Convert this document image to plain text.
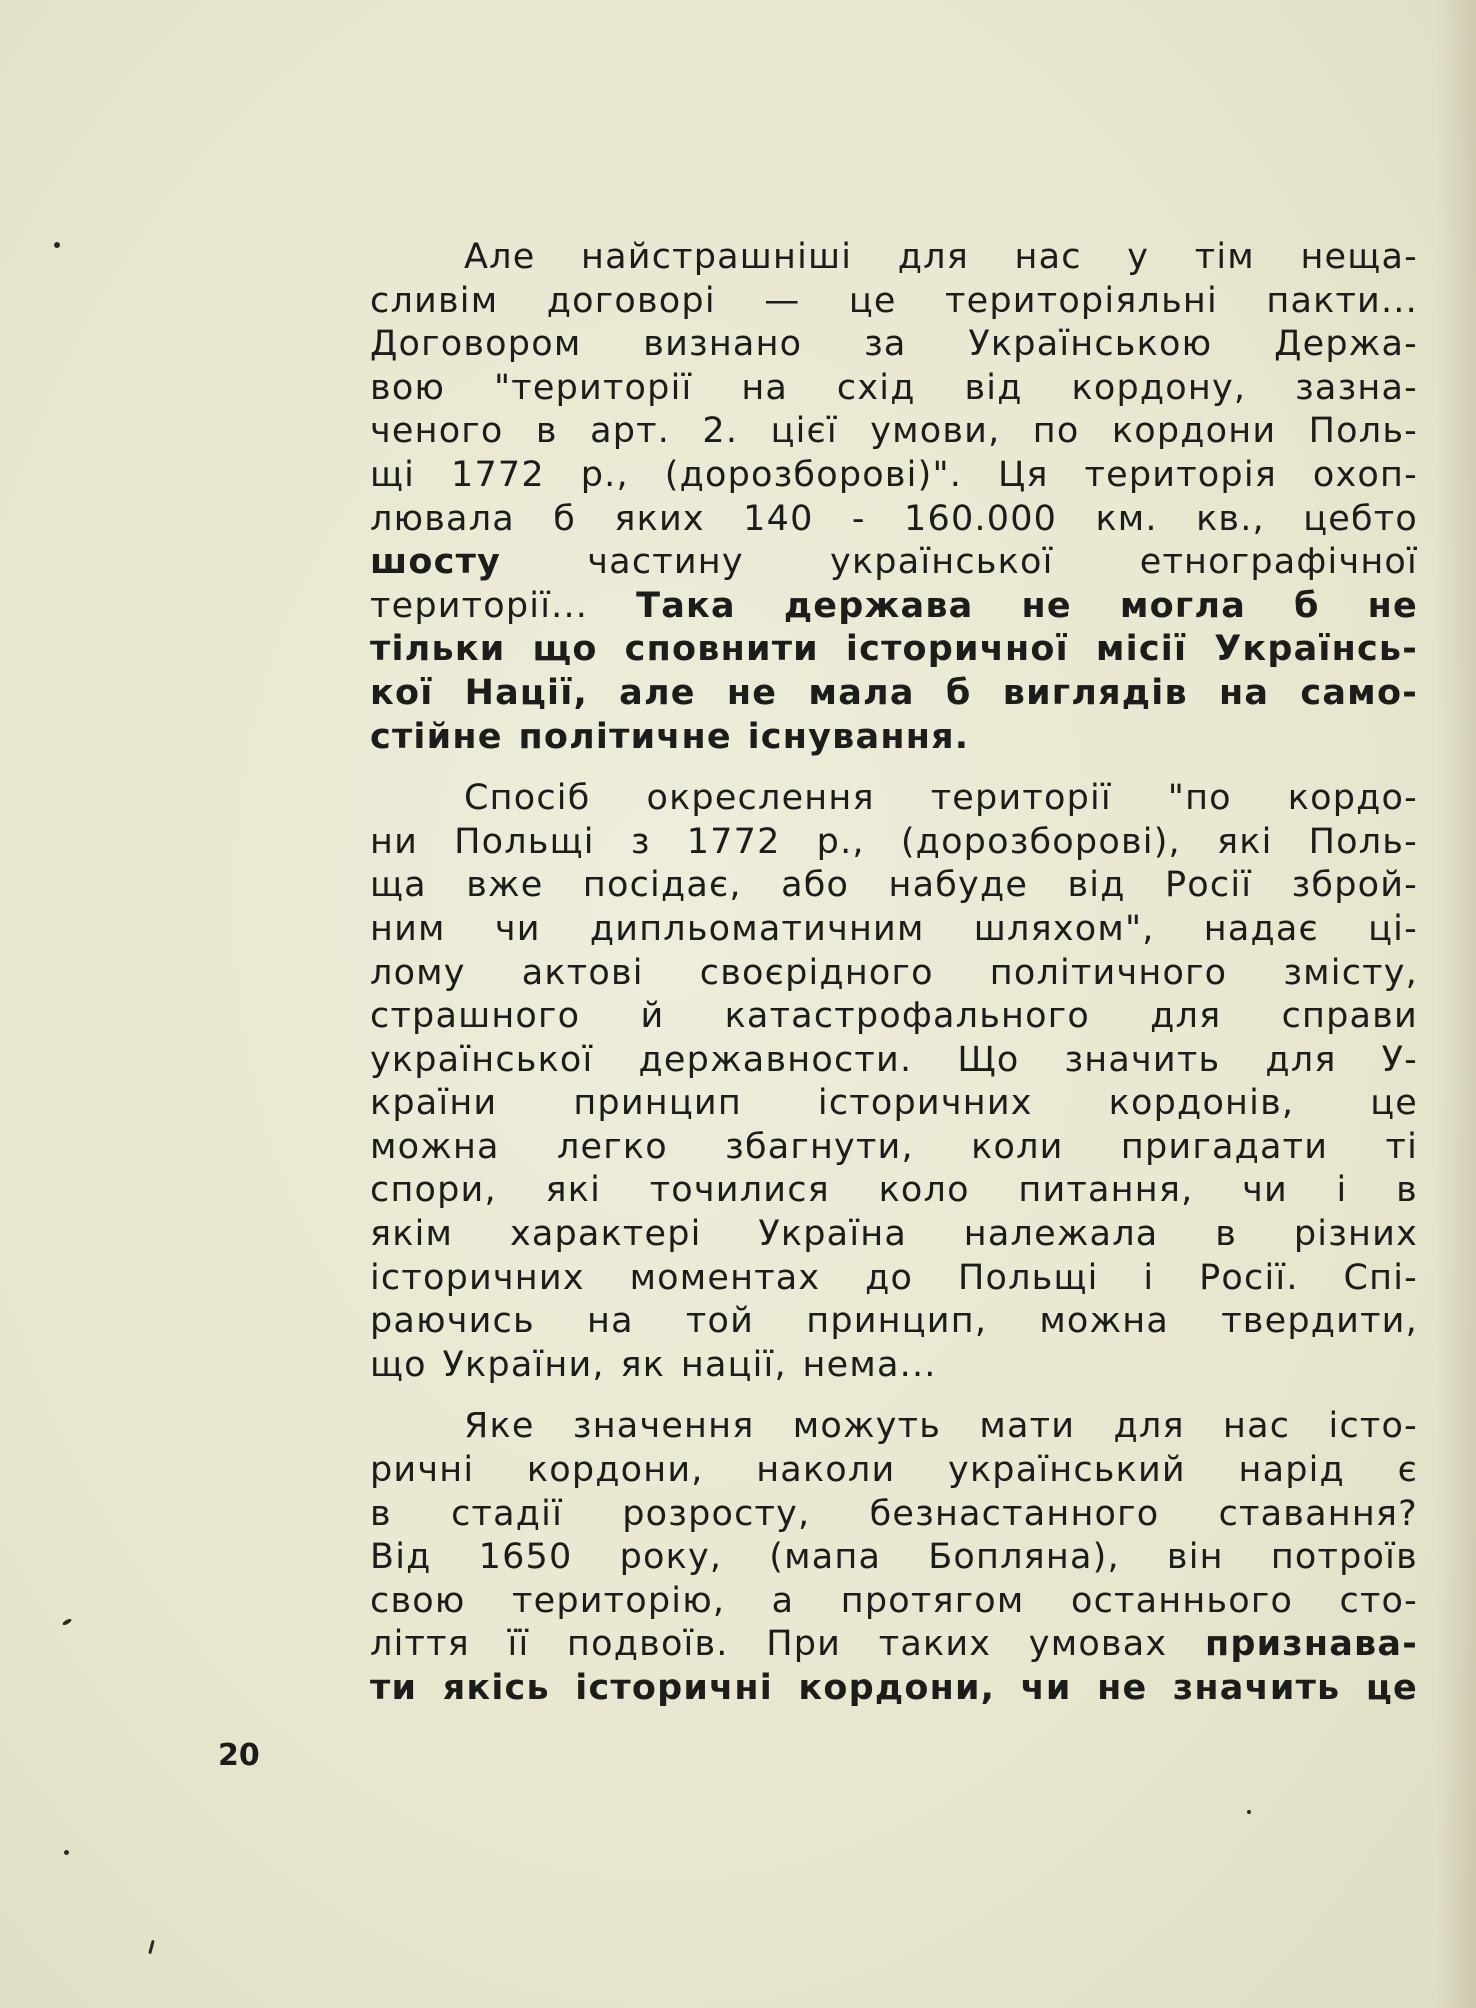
Але найстрашніші для нас у тім неща-
сливім договорі — це територіяльні пакти...
Договором визнано за Українською Держа-
вою "території на схід від кордону, зазна-
ченого в арт. 2. цієї умови, по кордони Поль-
щі 1772 р., (дорозборові)". Ця територія охоп-
лювала б яких 140 - 160.000 км. кв., цебто
шосту частину української етнографічної
території... Така держава не могла б не
тільки що сповнити історичної місії Українсь-
кої Нації, але не мала б виглядів на само-
стійне політичне існування.
Спосіб окреслення території "по кордо-
ни Польщі з 1772 р., (дорозборові), які Поль-
ща вже посідає, або набуде від Росії збрoй-
ним чи дипльоматичним шляхом", надає ці-
лому актові своєрідного політичного змісту,
страшного й катастрофального для справи
української державности. Що значить для У-
країни принцип історичних кордонів, це
можна легко збагнути, коли пригадати ті
спори, які точилися коло питання, чи і в
якім характері Україна належала в різних
історичних моментах до Польщі і Росії. Спі-
раючись на той принцип, можна твердити,
що України, як нації, нема...
Яке значення можуть мати для нас істо-
ричні кордони, наколи український нарід є
в стадії розросту, безнастанного ставання?
Від 1650 року, (мапа Бопляна), він потроїв
свою територію, а протягом останнього сто-
ліття її подвоїв. При таких умовах признава-
ти якісь історичні кордони, чи не значить це
20
